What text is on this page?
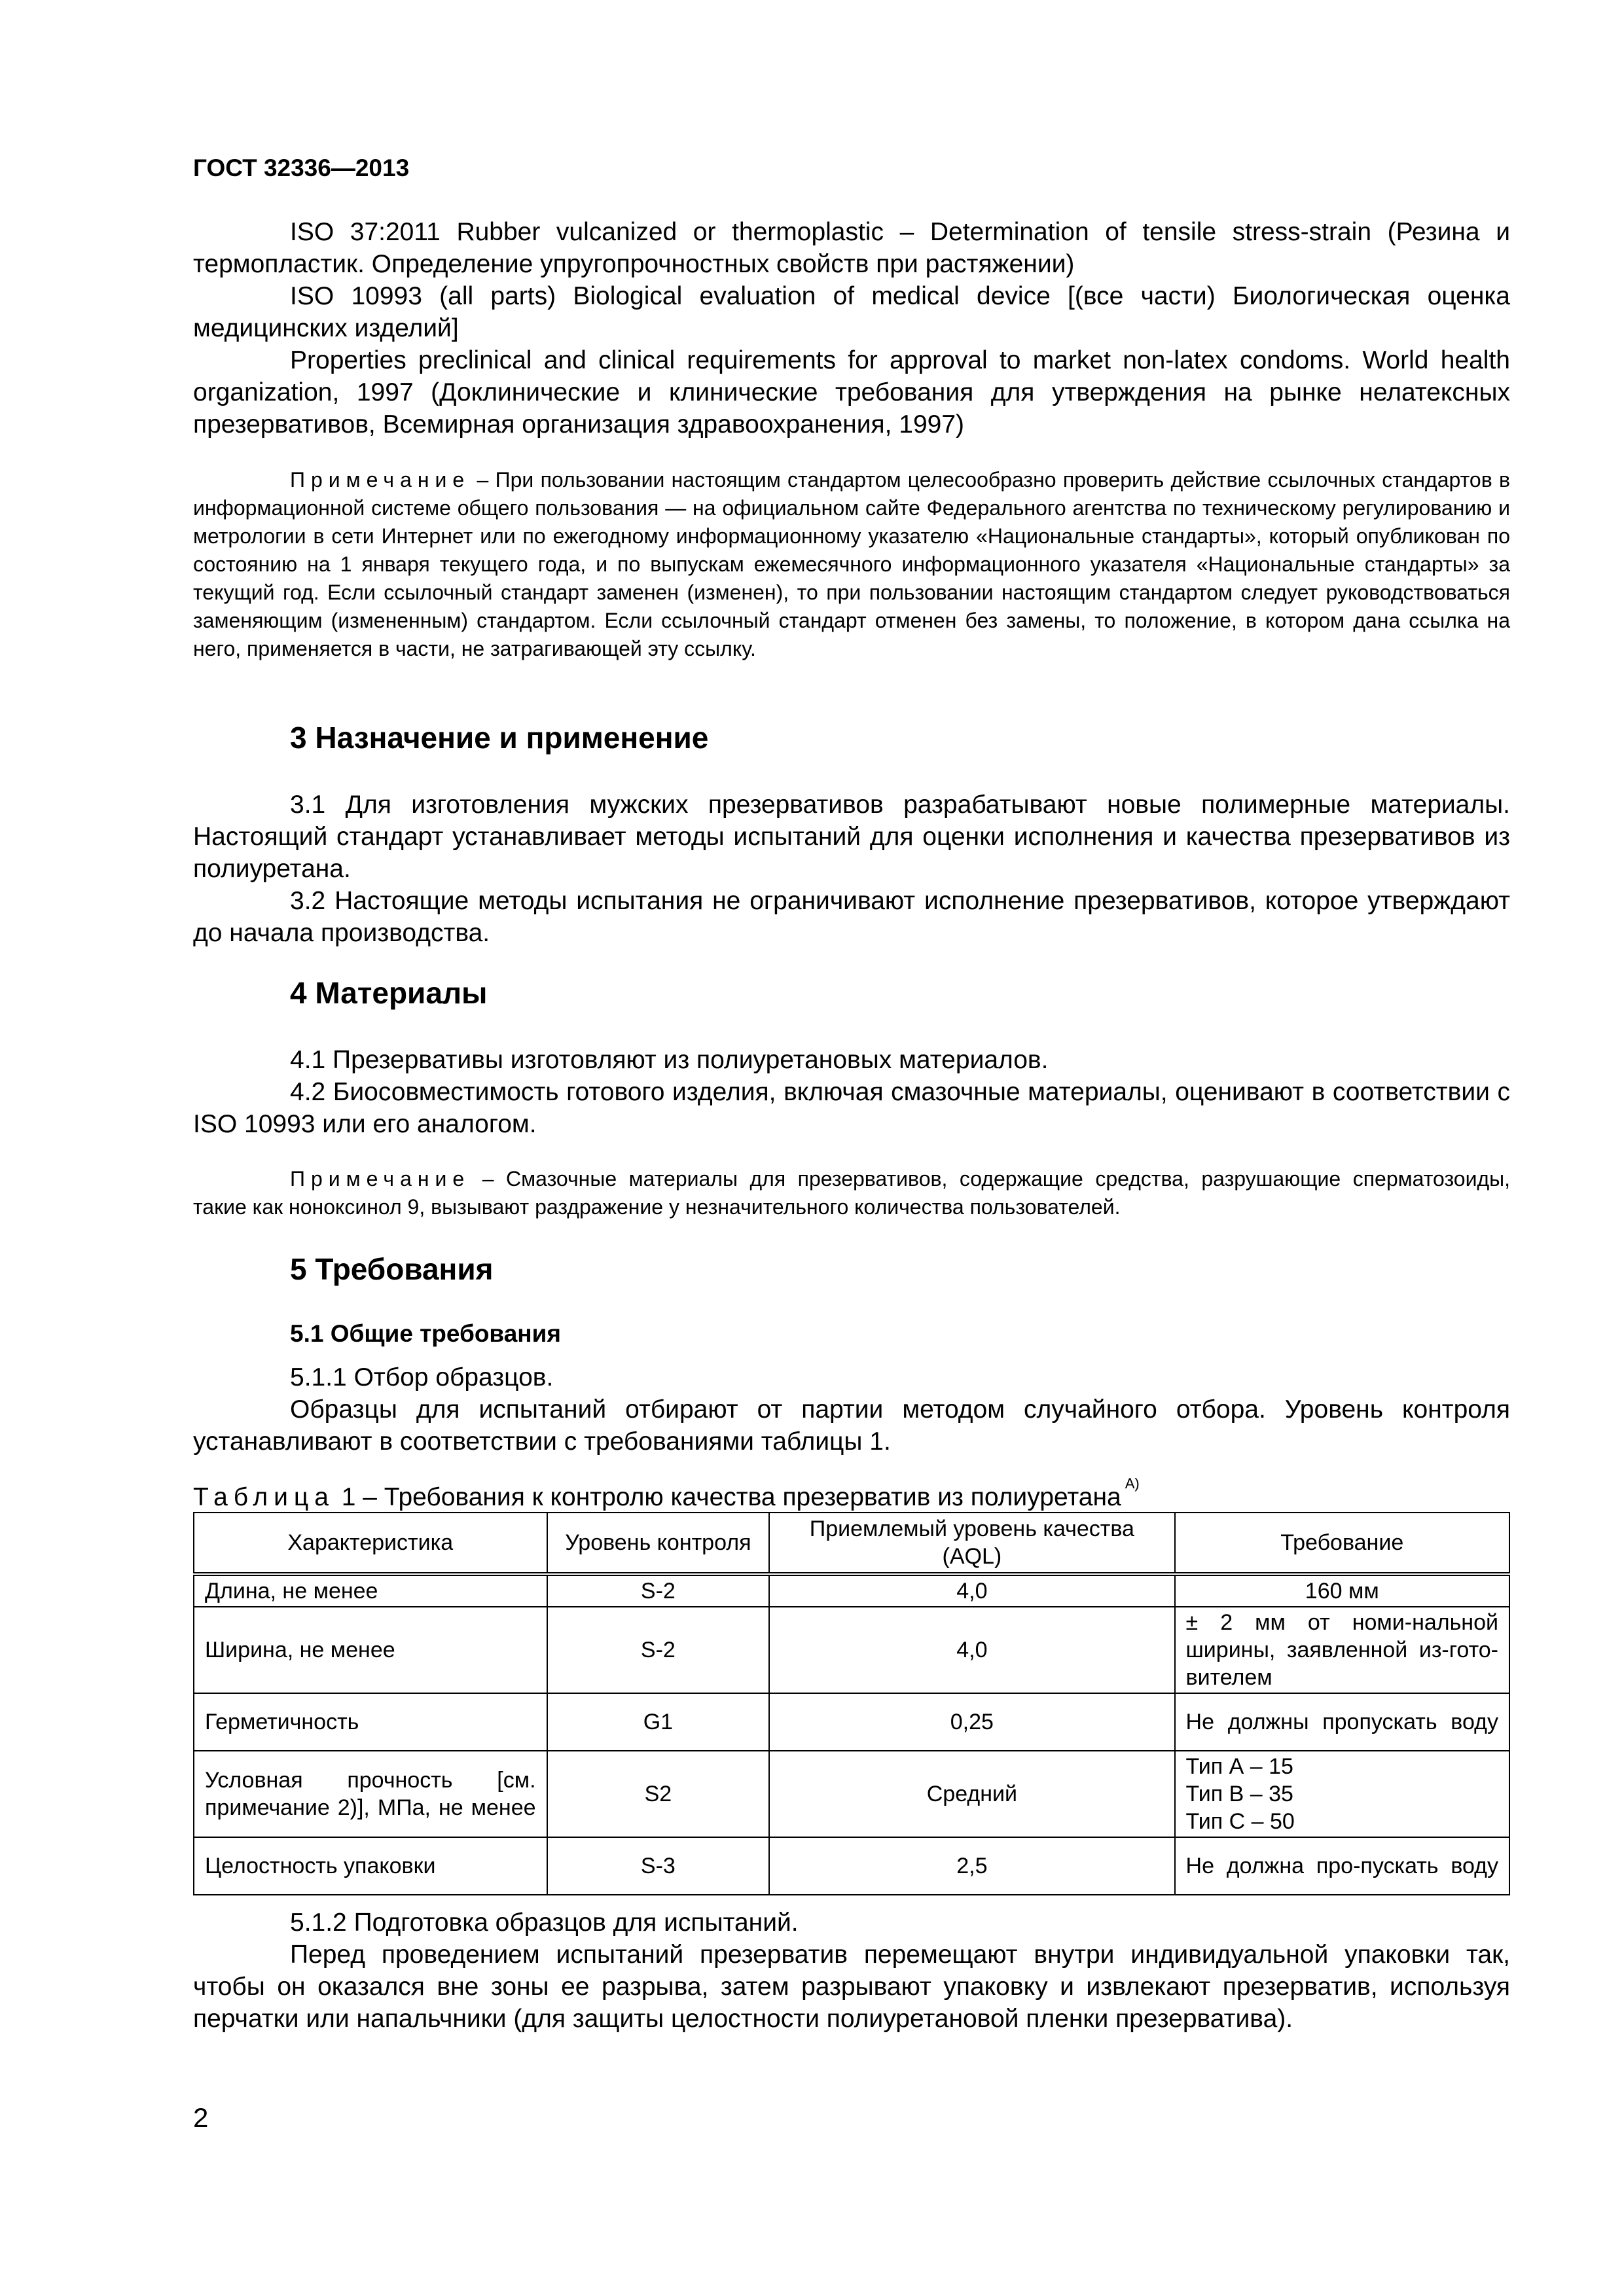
ГОСТ 32336—2013
ISO 37:2011 Rubber vulcanized or thermoplastic – Determination of tensile stress-strain (Резина и термопластик. Определение упругопрочностных свойств при растяжении)
ISO 10993 (all parts) Biological evaluation of medical device [(все части) Биологическая оценка медицинских изделий]
Properties preclinical and clinical requirements for approval to market non-latex condoms. World health organization, 1997 (Доклинические и клинические требования для утверждения на рынке нелатексных презервативов, Всемирная организация здравоохранения, 1997)
Примечание – При пользовании настоящим стандартом целесообразно проверить действие ссылочных стандартов в информационной системе общего пользования — на официальном сайте Федерального агентства по техническому регулированию и метрологии в сети Интернет или по ежегодному информационному указателю «Национальные стандарты», который опубликован по состоянию на 1 января текущего года, и по выпускам ежемесячного информационного указателя «Национальные стандарты» за текущий год. Если ссылочный стандарт заменен (изменен), то при пользовании настоящим стандартом следует руководствоваться заменяющим (измененным) стандартом. Если ссылочный стандарт отменен без замены, то положение, в котором дана ссылка на него, применяется в части, не затрагивающей эту ссылку.
3 Назначение и применение
3.1 Для изготовления мужских презервативов разрабатывают новые полимерные материалы. Настоящий стандарт устанавливает методы испытаний для оценки исполнения и качества презервативов из полиуретана.
3.2 Настоящие методы испытания не ограничивают исполнение презервативов, которое утверждают до начала производства.
4 Материалы
4.1 Презервативы изготовляют из полиуретановых материалов.
4.2 Биосовместимость готового изделия, включая смазочные материалы, оценивают в соответствии с ISO 10993 или его аналогом.
Примечание – Смазочные материалы для презервативов, содержащие средства, разрушающие сперматозоиды, такие как ноноксинол 9, вызывают раздражение у незначительного количества пользователей.
5 Требования
5.1 Общие требования
5.1.1 Отбор образцов.
Образцы для испытаний отбирают от партии методом случайного отбора. Уровень контроля устанавливают в соответствии с требованиями таблицы 1.
Таблица 1 – Требования к контролю качества презерватив из полиуретана $^{A)}$
Характеристика	Уровень контроля	Приемлемый уровень качества (AQL)	Требование
Длина, не менее	S-2	4,0	160 мм
Ширина, не менее	S-2	4,0	± 2 мм от номи-нальной ширины, заявленной из-гото-вителем
Герметичность	G1	0,25	Не должны пропускать воду
Условная прочность [см. примечание 2)], МПа, не менее	S2	Средний	Тип А – 15
Тип В – 35
Тип С – 50

Целостность упаковки	S-3	2,5	Не должна про-пускать воду
5.1.2 Подготовка образцов для испытаний.
Перед проведением испытаний презерватив перемещают внутри индивидуальной упаковки так, чтобы он оказался вне зоны ее разрыва, затем разрывают упаковку и извлекают презерватив, используя перчатки или напальчники (для защиты целостности полиуретановой пленки презерватива).
2
